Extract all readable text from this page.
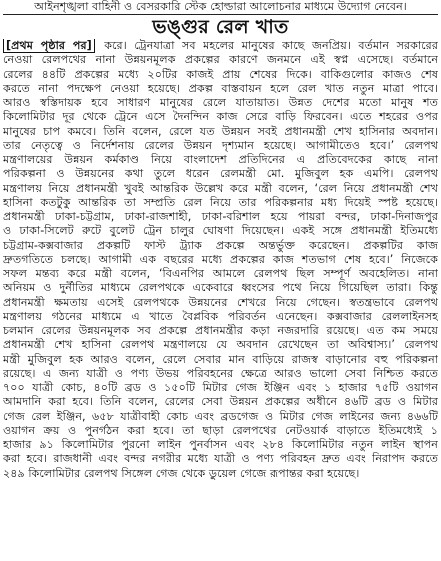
আইনশৃঙ্খলা বাহিনী ও বেসরকারি স্টেক হোল্ডারা আলোচনার মাধ্যমে উদ্যোগ নেবেন।
ভঙ্গুর রেল খাত
[প্রথম পৃষ্ঠার পর] করে। ট্রেনযাত্রা সব মহলের মানুষের কাছে জনপ্রিয়। বর্তমান সরকারের
নেওয়া রেলপথের নানা উন্নয়নমূলক প্রকল্পের কারণে জনমনে এই স্বপ্ন এসেছে। বর্তমানে
রেলের ৪৪টি প্রকল্পের মধ্যে ২০টির কাজই প্রায় শেষের দিকে। বাকিগুলোর কাজও শেষ
করতে নানা পদক্ষেপ নেওয়া হয়েছে। প্রকল্প বাস্তবায়ন হলে রেল খাত নতুন মাত্রা পাবে।
আরও স্বস্তিদায়ক হবে সাধারণ মানুষের রেলে যাতায়াত। উন্নত দেশের মতো মানুষ শত
কিলোমিটার দূর থেকে ট্রেনে এসে দৈনন্দিন কাজ সেরে বাড়ি ফিরবেন। এতে শহরের ওপর
মানুষের চাপ কমবে। তিনি বলেন, রেলে যত উন্নয়ন সবই প্রধানমন্ত্রী শেখ হাসিনার অবদান।
তার নেতৃত্বে ও নির্দেশনায় রেলের উন্নয়ন দৃশ্যমান হয়েছে। আগামীতেও হবে।’ রেলপথ
মন্ত্রণালয়ের উন্নয়ন কর্মকাণ্ড নিয়ে বাংলাদেশ প্রতিদিনের এ প্রতিবেদকের কাছে নানা
পরিকল্পনা ও উন্নয়নের কথা তুলে ধরেন রেলমন্ত্রী মো. মুজিবুল হক এমপি। রেলপথ
মন্ত্রণালয় নিয়ে প্রধানমন্ত্রী খুবই আন্তরিক উল্লেখ করে মন্ত্রী বলেন, ‘রেল নিয়ে প্রধানমন্ত্রী শেখ
হাসিনা কতটুকু আন্তরিক তা সম্প্রতি রেল নিয়ে তার পরিকল্পনার মধ্য দিয়েই স্পষ্ট হয়েছে।
প্রধানমন্ত্রী ঢাকা-চট্টগ্রাম, ঢাকা-রাজশাহী, ঢাকা-বরিশাল হয়ে পায়রা বন্দর, ঢাকা-দিনাজপুর
ও ঢাকা-সিলেট রুটে বুলেট ট্রেন চালুর ঘোষণা দিয়েছেন। একই সঙ্গে প্রধানমন্ত্রী ইতিমধ্যে
চট্টগ্রাম-কক্সবাজার প্রকল্পটি ফাস্ট ট্র্যাক প্রকল্পে অন্তর্ভুক্ত করেছেন। প্রকল্পটির কাজ
দ্রুতগতিতে চলছে। আগামী এক বছরের মধ্যে প্রকল্পের কাজ শতভাগ শেষ হবে।’ নিজেকে
সফল মন্তব্য করে মন্ত্রী বলেন, ‘বিএনপির আমলে রেলপথ ছিল সম্পূর্ণ অবহেলিত। নানা
অনিয়ম ও দুর্নীতির মাধ্যমে রেলপথকে একেবারে ধ্বংসের পথে নিয়ে গিয়েছিল তারা। কিন্তু
প্রধানমন্ত্রী ক্ষমতায় এসেই রেলপথকে উন্নয়নের শেখরে নিয়ে গেছেন। স্বতন্ত্রভাবে রেলপথ
মন্ত্রণালয় গঠনের মাধ্যমে এ খাতে বৈপ্লবিক পরিবর্তন এনেছেন। কক্সবাজার রেললাইনসহ
চলমান রেলের উন্নয়নমূলক সব প্রকল্পে প্রধানমন্ত্রীর কড়া নজরদারি রয়েছে। এত কম সময়ে
প্রধানমন্ত্রী শেখ হাসিনা রেলপথ মন্ত্রণালয়ে যে অবদান রেখেছেন তা অবিশ্বাস্য।’ রেলপথ
মন্ত্রী মুজিবুল হক আরও বলেন, রেলে সেবার মান বাড়িয়ে রাজস্ব বাড়ানোর বহু পরিকল্পনা
রয়েছে। এ জন্য যাত্রী ও পণ্য উভয় পরিবহনের ক্ষেত্রে আরও ভালো সেবা নিশ্চিত করতে
৭০০ যাত্রী কোচ, ৪০টি ব্রড ও ১৫০টি মিটার গেজ ইঞ্জিন এবং ১ হাজার ৭৫টি ওয়াগন
আমদানি করা হবে। তিনি বলেন, রেলের সেবা উন্নয়ন প্রকল্পের অধীনে ৪৬টি ব্রড ও মিটার
গেজ রেল ইঞ্জিন, ৬৫৮ যাত্রীবাহী কোচ এবং ব্রডগেজ ও মিটার গেজ লাইনের জন্য ৪৬৬টি
ওয়াগন ক্রয় ও পুনর্গঠন করা হবে। তা ছাড়া রেলপথের নেটওয়ার্ক বাড়াতে ইতিমধ্যেই ১
হাজার ৯১ কিলোমিটার পুরনো লাইন পুনর্বাসন এবং ২৮৪ কিলোমিটার নতুন লাইন স্থাপন
করা হবে। রাজধানী এবং বন্দর নগরীর মধ্যে যাত্রী ও পণ্য পরিবহন দ্রুত এবং নিরাপদ করতে
২৪৯ কিলোমিটার রেলপথ সিঙ্গেল গেজ থেকে ডুয়েল গেজে রূপান্তর করা হয়েছে।
